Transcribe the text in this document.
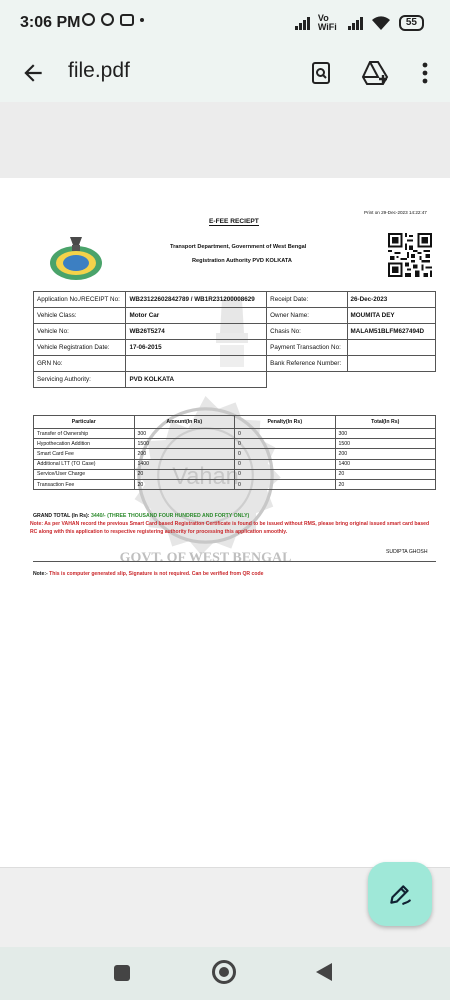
3:06 PM	Vo WiFi	55
file.pdf
Vahan
GOVT. OF WEST BENGAL
Print on 29-Dec-2023 14:22:47
E-FEE RECIEPT
Transport Department, Government of West Bengal
Registration Authority PVD KOLKATA
Application No./RECEIPT No:	WB23122602842789 / WB1R231200008629	Receipt Date:	26-Dec-2023
Vehicle Class:	Motor Car	Owner Name:	MOUMITA DEY
Vehicle No:	WB26T5274	Chasis No:	MALAM51BLFM627494D
Vehicle Registration Date:	17-06-2015	Payment Transaction No:	
GRN No:		Bank Reference Number:	
Servicing Authority:	PVD KOLKATA		
Particular	Amount(In Rs)	Penalty(In Rs)	Total(In Rs)
Transfer of Ownership	300	0	300
Hypothecation Addition	1500	0	1500
Smart Card Fee	200	0	200
Additional LTT (TO Case)	1400	0	1400
Service/User Charge	20	0	20
Transaction Fee	20	0	20
GRAND TOTAL (In Rs): 3440/- (THREE THOUSAND FOUR HUNDRED AND FORTY ONLY)
Note: As per VAHAN record the previous Smart Card based Registration Certificate is found to be issued without RMS, please bring original issued smart card based RC along with this application to respective registering authority for processing this application smoothly.
SUDIPTA GHOSH
Note:- This is computer generated slip, Signature is not required. Can be verified from QR code
